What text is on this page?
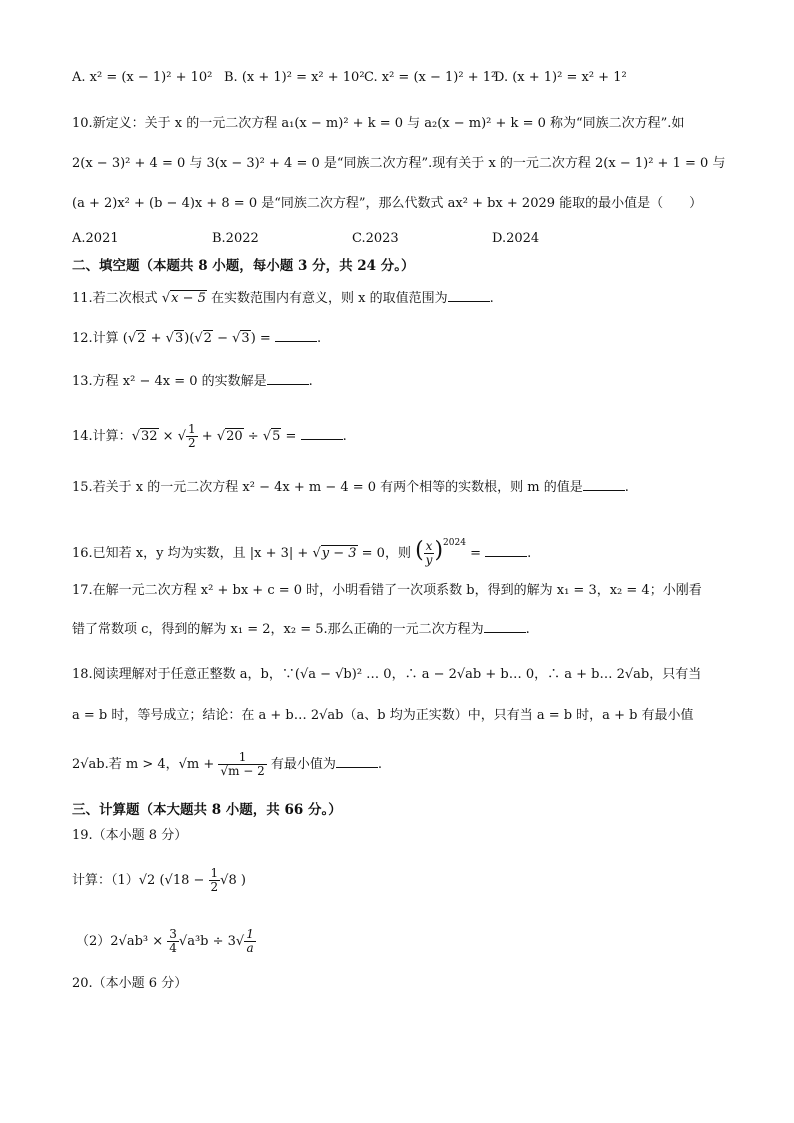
A. x² = (x − 1)² + 10² B. (x + 1)² = x² + 10² C. x² = (x − 1)² + 1²
D. (x + 1)² = x² + 1²
10.新定义：关于 x 的一元二次方程 a₁(x − m)² + k = 0 与 a₂(x − m)² + k = 0 称为“同族二次方程”.如
2(x − 3)² + 4 = 0 与 3(x − 3)² + 4 = 0 是“同族二次方程”.现有关于 x 的一元二次方程 2(x − 1)² + 1 = 0 与
(a + 2)x² + (b − 4)x + 8 = 0 是“同族二次方程”，那么代数式 ax² + bx + 2029 能取的最小值是（　　）
A.2021	B.2022	C.2023	D.2024
二、填空题（本题共 8 小题，每小题 3 分，共 24 分。）
11.若二次根式 √x − 5 在实数范围内有意义，则 x 的取值范围为	.
12.计算 (√2 + √3)(√2 − √3) =	.
13.方程 x² − 4x = 0 的实数解是	.
14.计算：√32 × √ $\frac{1}{2} + √20 \div √5$ =	.
15.若关于 x 的一元二次方程 x² − 4x + m − 4 = 0 有两个相等的实数根，则 m 的值是	.
16.已知若 x，y 均为实数，且 |x + 3| + √y − 3 = 0，则 ( $\frac{x}{y} )^{2024}$ =	.
17.在解一元二次方程 x² + bx + c = 0 时，小明看错了一次项系数 b，得到的解为 x₁ = 3，x₂ = 4；小刚看
错了常数项 c，得到的解为 x₁ = 2，x₂ = 5.那么正确的一元二次方程为	.
18.阅读理解对于任意正整数 a，b，∵(√a − √b)² … 0，∴ a − 2√ab + b… 0，∴ a + b… 2√ab，只有当
a = b 时，等号成立；结论：在 a + b… 2√ab（a、b 均为正实数）中，只有当 a = b 时，a + b 有最小值
2√ab.若 m > 4，$√m + \frac{1}{√m - 2}$ 有最小值为	.
三、计算题（本大题共 8 小题，共 66 分。）
19.（本小题 8 分）
计算：（1）√2 ($√18 - \frac{1}{2} √8$ )
$(2)2√ab^3 \times \frac{3}{4} √a^3b \div 3√ \frac{1}{a}$
20.（本小题 6 分）
